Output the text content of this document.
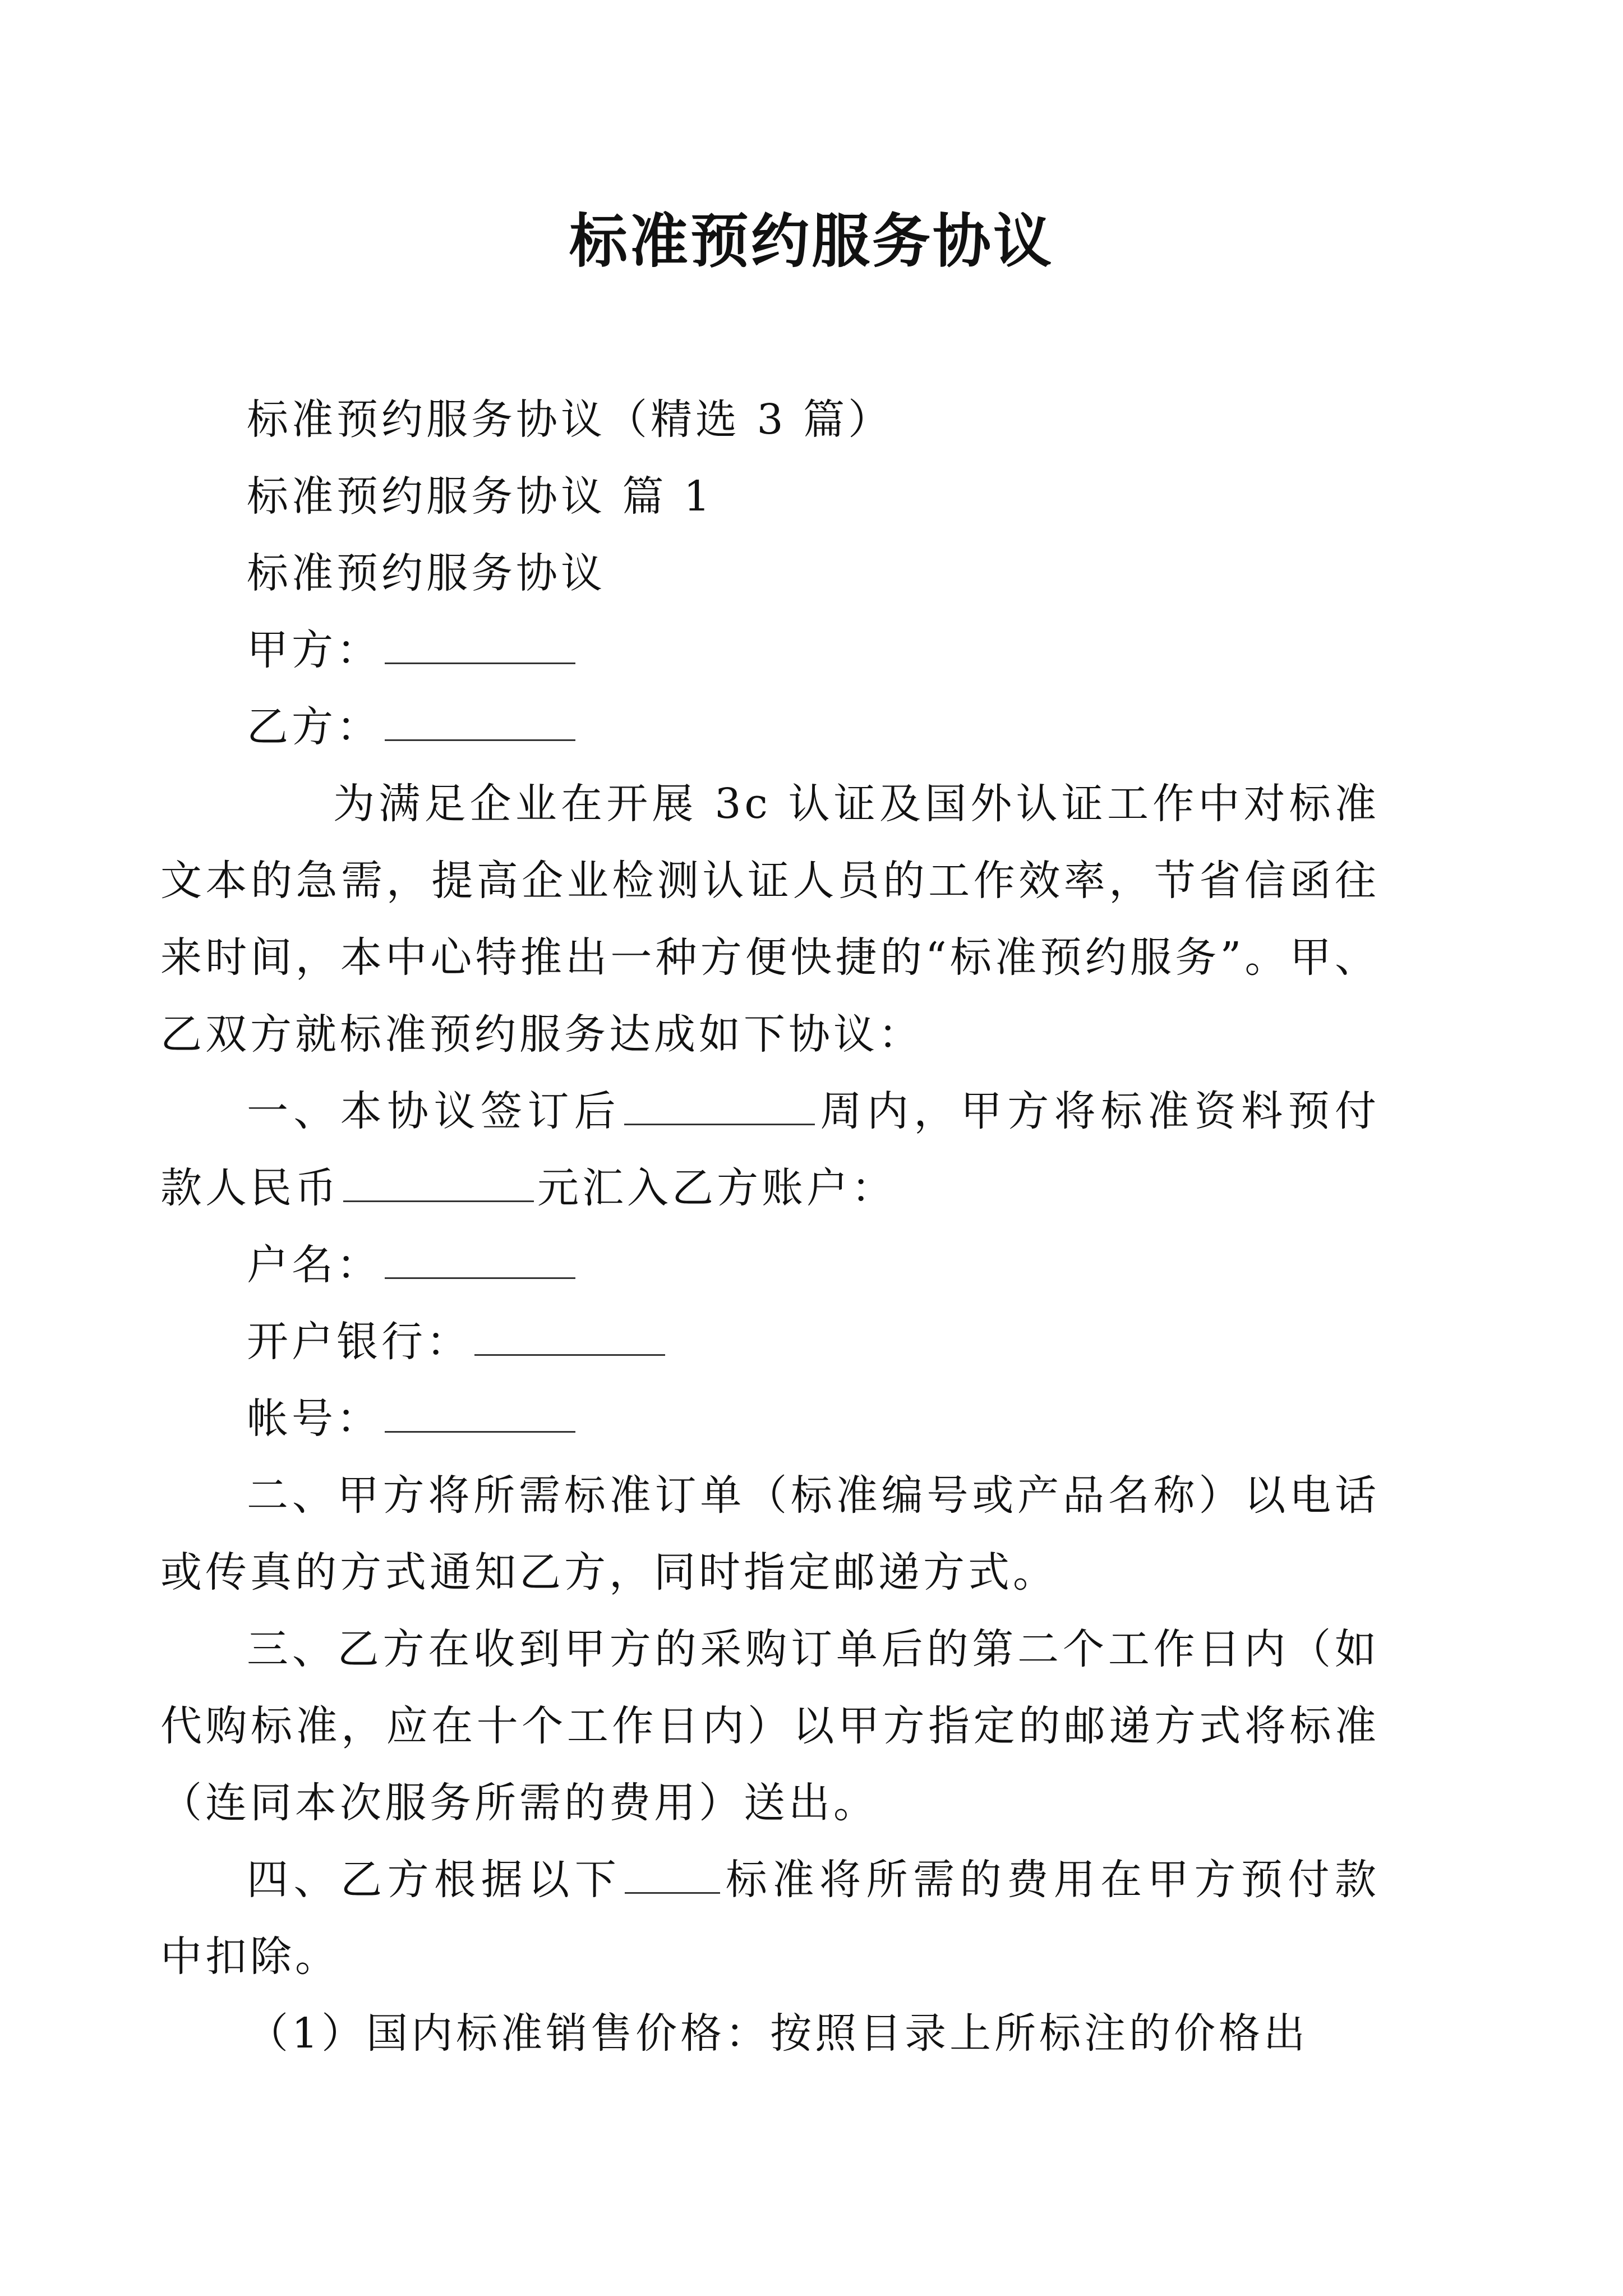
标准预约服务协议

标准预约服务协议（精选 3 篇）

标准预约服务协议 篇 1

标准预约服务协议

甲方：

乙方：

为满足企业在开展 3c 认证及国外认证工作中对标准文本的急需，提高企业检测认证人员的工作效率，节省信函往来时间，本中心特推出一种方便快捷的“标准预约服务”。甲、乙双方就标准预约服务达成如下协议：

一、本协议签订后	周内，甲方将标准资料预付款人民币	元汇入乙方账户：

户名：

开户银行：

帐号：

二、甲方将所需标准订单（标准编号或产品名称）以电话或传真的方式通知乙方，同时指定邮递方式。

三、乙方在收到甲方的采购订单后的第二个工作日内（如代购标准，应在十个工作日内）以甲方指定的邮递方式将标准（连同本次服务所需的费用）送出。

四、乙方根据以下 标准将所需的费用在甲方预付款中扣除。

（1）国内标准销售价格：按照目录上所标注的价格出
